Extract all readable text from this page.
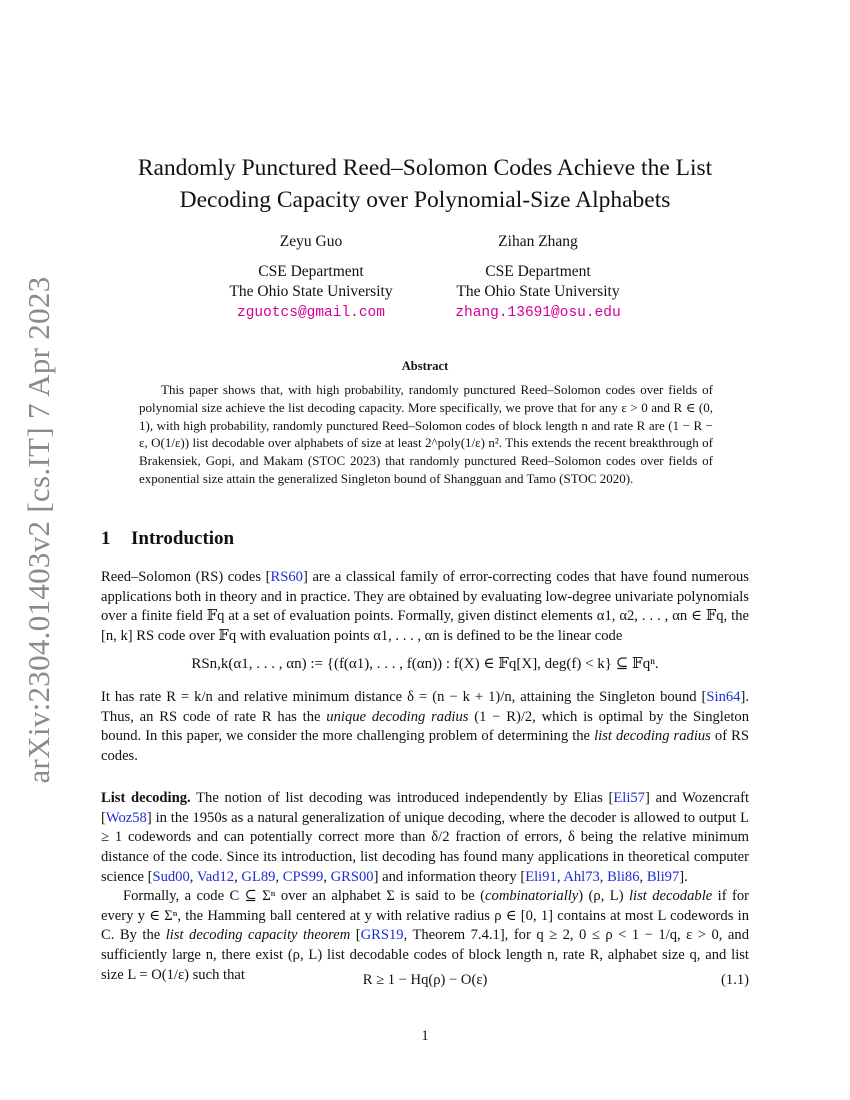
arXiv:2304.01403v2 [cs.IT] 7 Apr 2023
Randomly Punctured Reed–Solomon Codes Achieve the List
Decoding Capacity over Polynomial-Size Alphabets
Zeyu Guo
CSE Department
The Ohio State University
zguotcs@gmail.com
Zihan Zhang
CSE Department
The Ohio State University
zhang.13691@osu.edu
Abstract

This paper shows that, with high probability, randomly punctured Reed–Solomon codes over fields of polynomial size achieve the list decoding capacity. More specifically, we prove that for any ε > 0 and R ∈ (0, 1), with high probability, randomly punctured Reed–Solomon codes of block length n and rate R are (1 − R − ε, O(1/ε)) list decodable over alphabets of size at least 2^poly(1/ε) n². This extends the recent breakthrough of Brakensiek, Gopi, and Makam (STOC 2023) that randomly punctured Reed–Solomon codes over fields of exponential size attain the generalized Singleton bound of Shangguan and Tamo (STOC 2020).

1 Introduction

Reed–Solomon (RS) codes [RS60] are a classical family of error-correcting codes that have found numerous applications both in theory and in practice. They are obtained by evaluating low-degree univariate polynomials over a finite field 𝔽q at a set of evaluation points. Formally, given distinct elements α1, α2, . . . , αn ∈ 𝔽q, the [n, k] RS code over 𝔽q with evaluation points α1, . . . , αn is defined to be the linear code

RSn,k(α1, . . . , αn) := {(f(α1), . . . , f(αn)) : f(X) ∈ 𝔽q[X], deg(f) < k} ⊆ 𝔽qⁿ.

It has rate R = k/n and relative minimum distance δ = (n − k + 1)/n, attaining the Singleton bound [Sin64]. Thus, an RS code of rate R has the unique decoding radius (1 − R)/2, which is optimal by the Singleton bound. In this paper, we consider the more challenging problem of determining the list decoding radius of RS codes.

List decoding. The notion of list decoding was introduced independently by Elias [Eli57] and Wozencraft [Woz58] in the 1950s as a natural generalization of unique decoding, where the decoder is allowed to output L ≥ 1 codewords and can potentially correct more than δ/2 fraction of errors, δ being the relative minimum distance of the code. Since its introduction, list decoding has found many applications in theoretical computer science [Sud00, Vad12, GL89, CPS99, GRS00] and information theory [Eli91, Ahl73, Bli86, Bli97].

Formally, a code C ⊆ Σⁿ over an alphabet Σ is said to be (combinatorially) (ρ, L) list decodable if for every y ∈ Σⁿ, the Hamming ball centered at y with relative radius ρ ∈ [0, 1] contains at most L codewords in C. By the list decoding capacity theorem [GRS19, Theorem 7.4.1], for q ≥ 2, 0 ≤ ρ < 1 − 1/q, ε > 0, and sufficiently large n, there exist (ρ, L) list decodable codes of block length n, rate R, alphabet size q, and list size L = O(1/ε) such that	R ≥ 1 − Hq(ρ) − O(ε)	(1.1)
1
